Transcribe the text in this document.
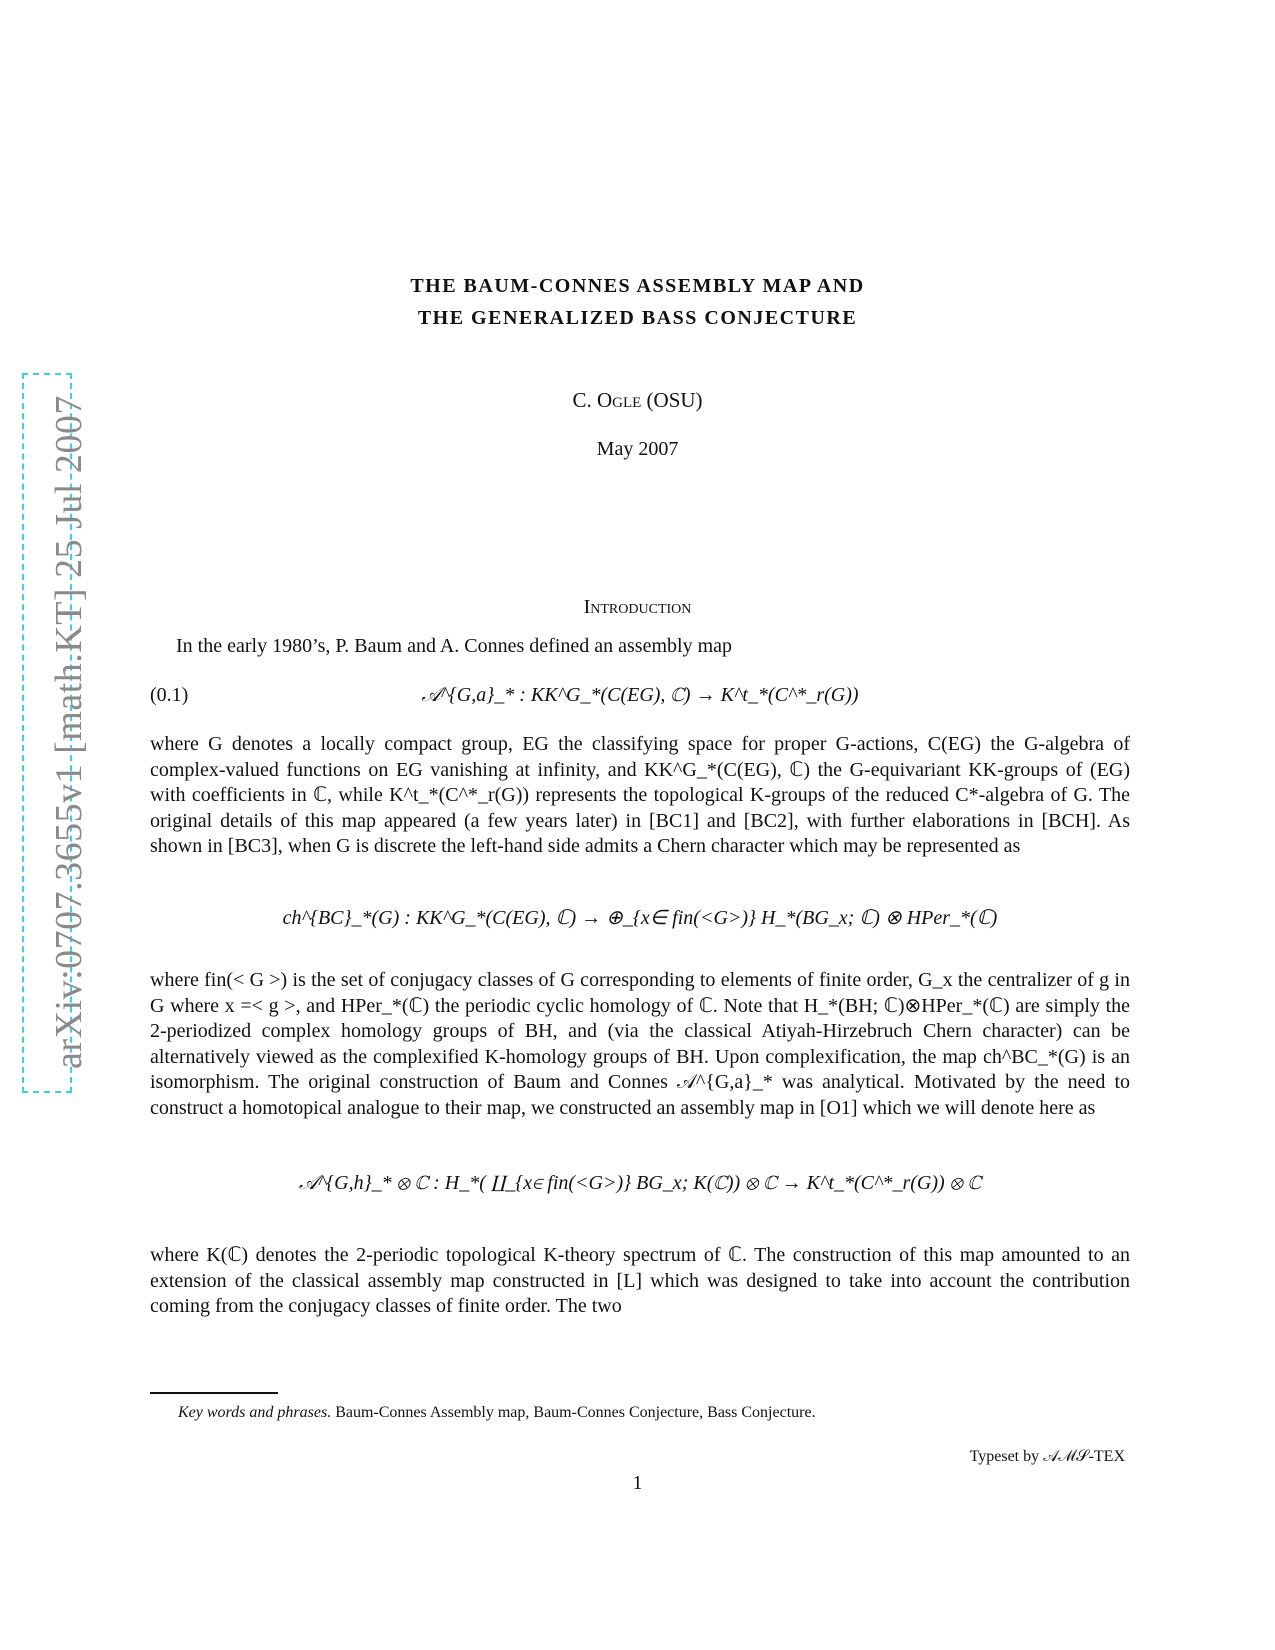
arXiv:0707.3655v1 [math.KT] 25 Jul 2007
THE BAUM-CONNES ASSEMBLY MAP AND
THE GENERALIZED BASS CONJECTURE
C. Ogle (OSU)
May 2007
Introduction

In the early 1980’s, P. Baum and A. Connes defined an assembly map

(0.1)	𝒜^{G,a}_* : KK^G_*(C(EG), ℂ) → K^t_*(C^*_r(G))

where G denotes a locally compact group, EG the classifying space for proper G-actions, C(EG) the G-algebra of complex-valued functions on EG vanishing at infinity, and KK^G_*(C(EG), ℂ) the G-equivariant KK-groups of (EG) with coefficients in ℂ, while K^t_*(C^*_r(G)) represents the topological K-groups of the reduced C*-algebra of G. The original details of this map appeared (a few years later) in [BC1] and [BC2], with further elaborations in [BCH]. As shown in [BC3], when G is discrete the left-hand side admits a Chern character which may be represented as

ch^{BC}_*(G) : KK^G_*(C(EG), ℂ) → ⊕_{x∈ fin(<G>)} H_*(BG_x; ℂ) ⊗ HPer_*(ℂ)

where fin(< G >) is the set of conjugacy classes of G corresponding to elements of finite order, G_x the centralizer of g in G where x =< g >, and HPer_*(ℂ) the periodic cyclic homology of ℂ. Note that H_*(BH; ℂ)⊗HPer_*(ℂ) are simply the 2-periodized complex homology groups of BH, and (via the classical Atiyah-Hirzebruch Chern character) can be alternatively viewed as the complexified K-homology groups of BH. Upon complexification, the map ch^BC_*(G) is an isomorphism. The original construction of Baum and Connes 𝒜^{G,a}_* was analytical. Motivated by the need to construct a homotopical analogue to their map, we constructed an assembly map in [O1] which we will denote here as

𝒜^{G,h}_* ⊗ ℂ : H_*( ∐_{x∈ fin(<G>)} BG_x; K(ℂ)) ⊗ ℂ → K^t_*(C^*_r(G)) ⊗ ℂ

where K(ℂ) denotes the 2-periodic topological K-theory spectrum of ℂ. The construction of this map amounted to an extension of the classical assembly map constructed in [L] which was designed to take into account the contribution coming from the conjugacy classes of finite order. The two

Key words and phrases. Baum-Connes Assembly map, Baum-Connes Conjecture, Bass Conjecture.
Typeset by 𝒜ℳ𝒮-TEX
1
